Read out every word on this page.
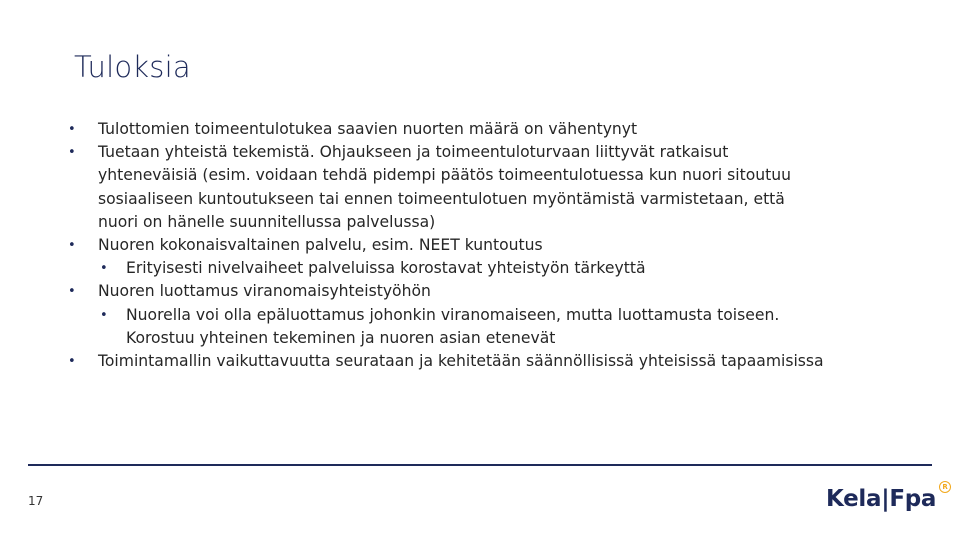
Tuloksia
• Tulottomien toimeentulotukea saavien nuorten määrä on vähentynyt
• Tuetaan yhteistä tekemistä. Ohjaukseen ja toimeentuloturvaan liittyvät ratkaisut
yhteneväisiä (esim. voidaan tehdä pidempi päätös toimeentulotuessa kun nuori sitoutuu
sosiaaliseen kuntoutukseen tai ennen toimeentulotuen myöntämistä varmistetaan, että
nuori on hänelle suunnitellussa palvelussa)
• Nuoren kokonaisvaltainen palvelu, esim. NEET kuntoutus
• Erityisesti nivelvaiheet palveluissa korostavat yhteistyön tärkeyttä
• Nuoren luottamus viranomaisyhteistyöhön
• Nuorella voi olla epäluottamus johonkin viranomaiseen, mutta luottamusta toiseen.
Korostuu yhteinen tekeminen ja nuoren asian etenevät
• Toimintamallin vaikuttavuutta seurataan ja kehitetään säännöllisissä yhteisissä tapaamisissa
17	Kela|Fpa R
